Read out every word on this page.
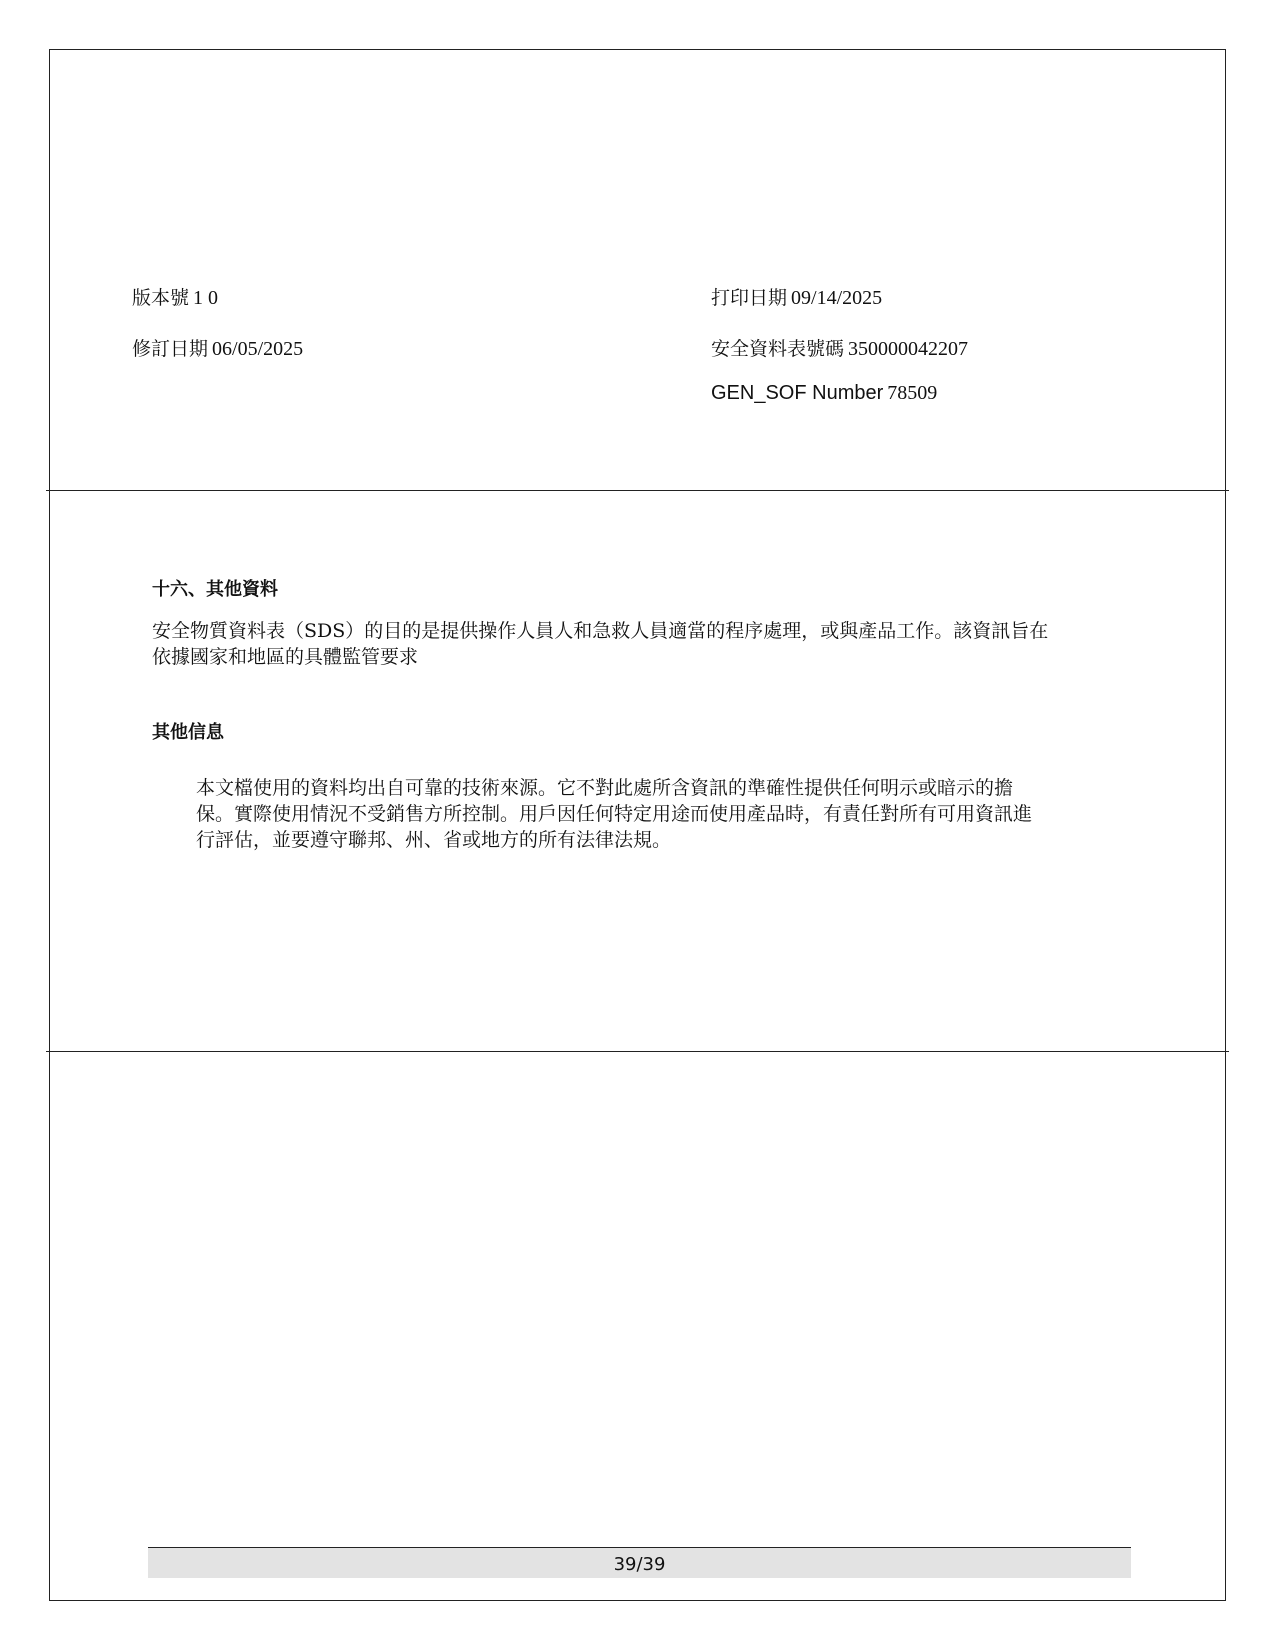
版本號 1 0
修訂日期 06/05/2025
打印日期 09/14/2025
安全資料表號碼 350000042207
GEN_SOF Number 78509
十六、其他資料
安全物質資料表（SDS）的目的是提供操作人員人和急救人員適當的程序處理，或與產品工作。該資訊旨在
依據國家和地區的具體監管要求
其他信息
本文檔使用的資料均出自可靠的技術來源。它不對此處所含資訊的準確性提供任何明示或暗示的擔
保。實際使用情況不受銷售方所控制。用戶因任何特定用途而使用產品時，有責任對所有可用資訊進
行評估，並要遵守聯邦、州、省或地方的所有法律法規。
39/39
